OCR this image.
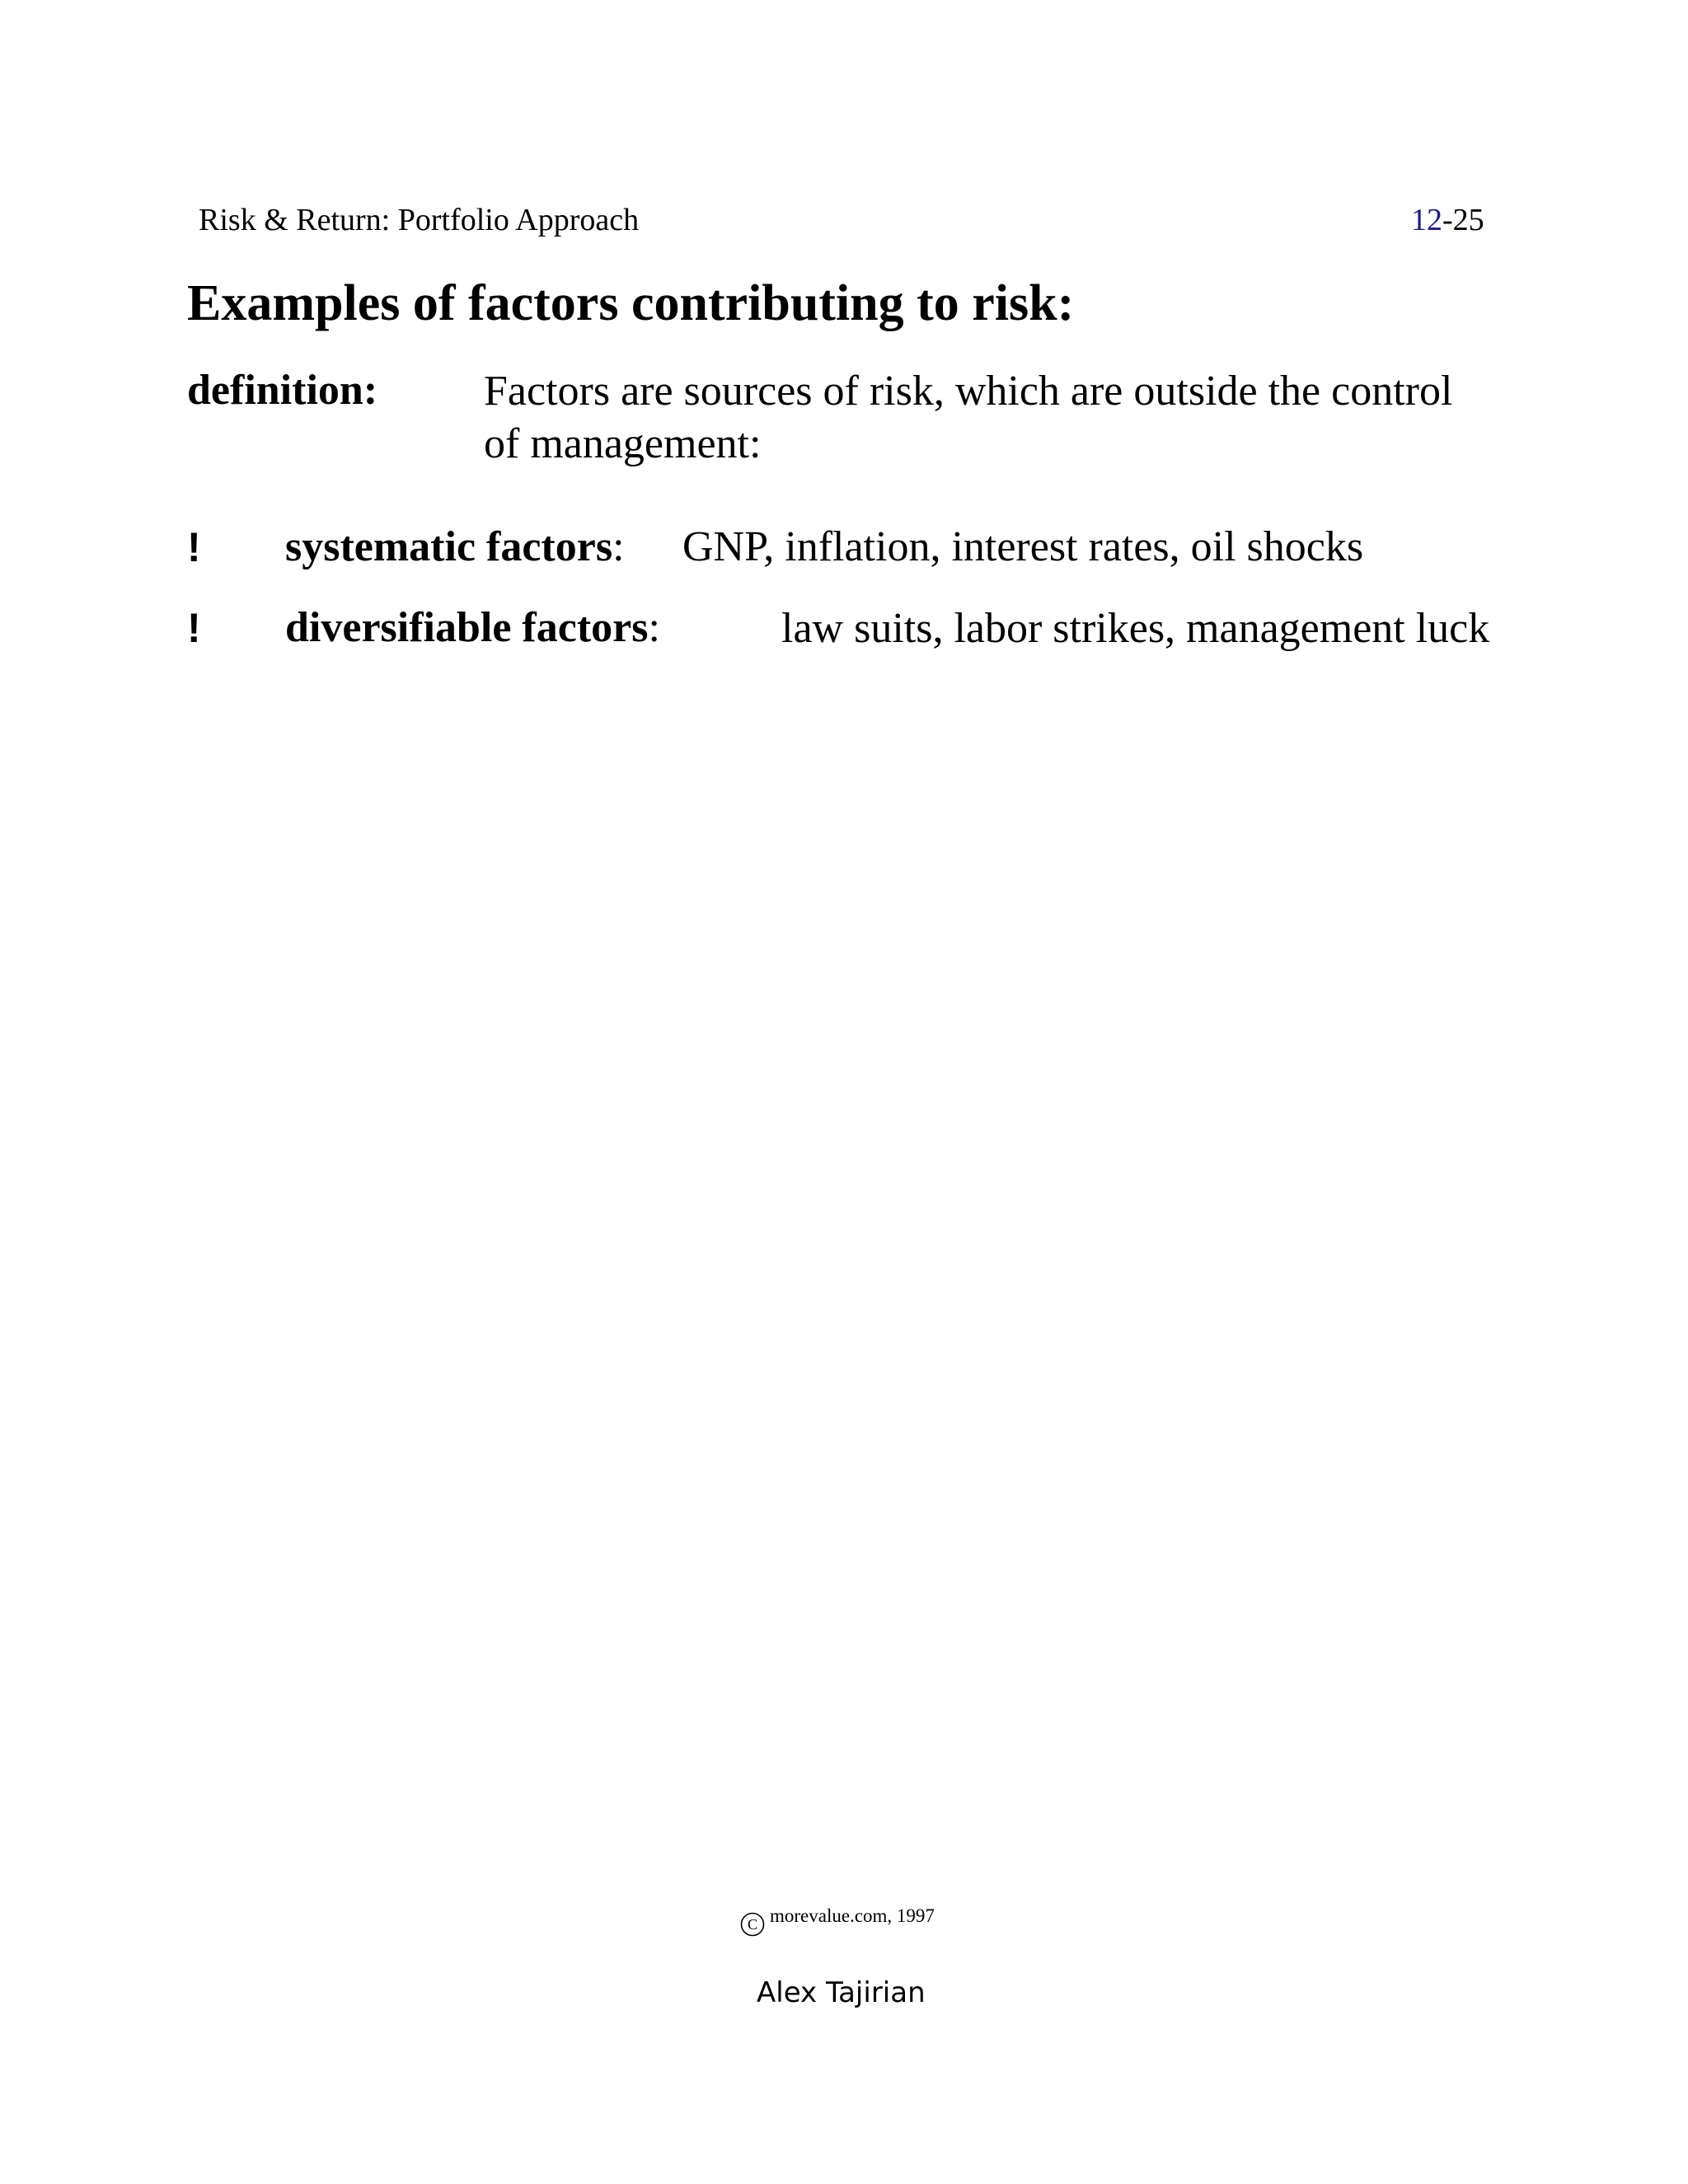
Risk & Return: Portfolio Approach	12-25
Examples of factors contributing to risk:
definition: Factors are sources of risk, which are outside the control of management:
! systematic factors: GNP, inflation, interest rates, oil shocks
! diversifiable factors:	law suits, labor strikes, management luck
C morevalue.com, 1997
Alex Tajirian
